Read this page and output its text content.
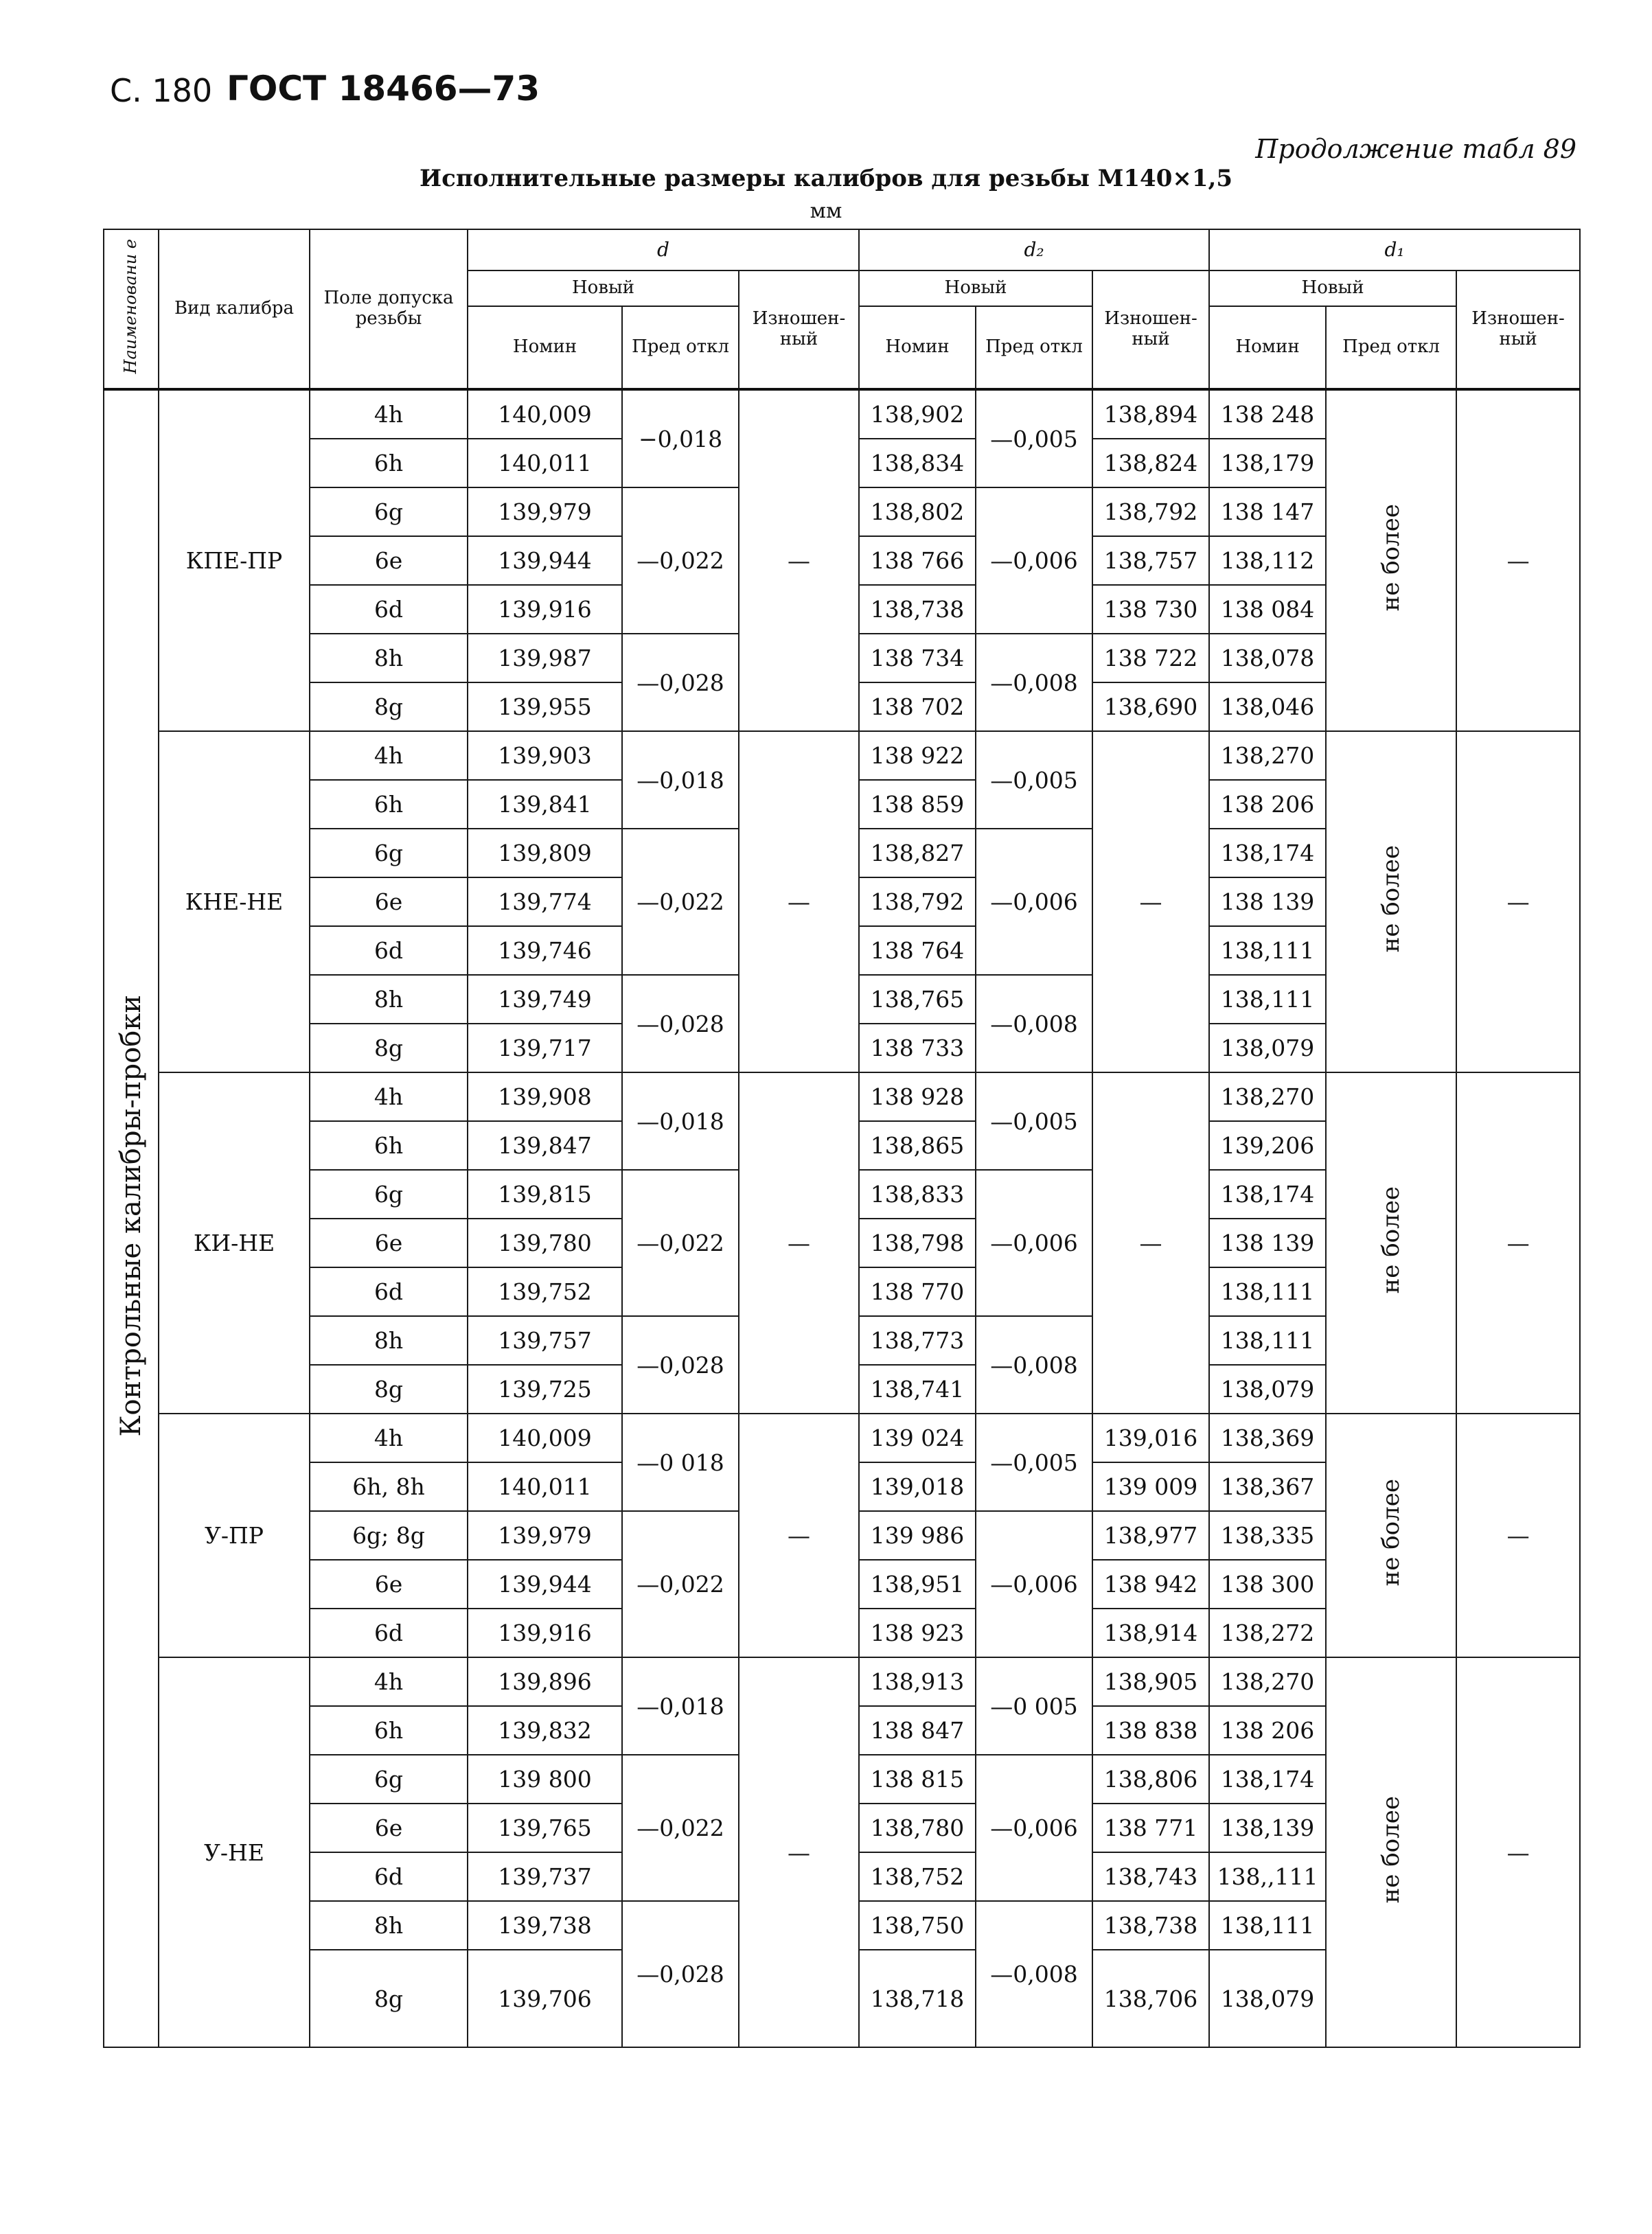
С. 180 ГОСТ 18466—73
Продолжение табл 89
Исполнительные размеры калибров для резьбы M140×1,5
мм
Наименовани е	Вид калибра	Поле допуска резьбы	d			d₂			d₁		
			Новый		Изношен-ный	Новый		Изношен-ный	Новый		Изношен-ный
			Номин	Пред откл		Номин	Пред откл		Номин	Пред откл	
Контрольные калибры-пробки	КПЕ-ПР	4h	140,009	−0,018	—	138,902	—0,005	138,894	138 248	не более	—
		6h	140,011			138,834		138,824	138,179		
		6g	139,979	—0,022		138,802	—0,006	138,792	138 147		
		6e	139,944			138 766		138,757	138,112		
		6d	139,916			138,738		138 730	138 084		
		8h	139,987	—0,028		138 734	—0,008	138 722	138,078		
		8g	139,955			138 702		138,690	138,046		
	КНЕ-НЕ	4h	139,903	—0,018	—	138 922	—0,005	—	138,270	не более	—
		6h	139,841			138 859			138 206		
		6g	139,809	—0,022		138,827	—0,006		138,174		
		6e	139,774			138,792			138 139		
		6d	139,746			138 764			138,111		
		8h	139,749	—0,028		138,765	—0,008		138,111		
		8g	139,717			138 733			138,079		
	КИ-НЕ	4h	139,908	—0,018	—	138 928	—0,005	—	138,270	не более	—
		6h	139,847			138,865			139,206		
		6g	139,815	—0,022		138,833	—0,006		138,174		
		6e	139,780			138,798			138 139		
		6d	139,752			138 770			138,111		
		8h	139,757	—0,028		138,773	—0,008		138,111		
		8g	139,725			138,741			138,079		
	У-ПР	4h	140,009	—0 018	—	139 024	—0,005	139,016	138,369	не более	—
		6h, 8h	140,011			139,018		139 009	138,367		
		6g; 8g	139,979	—0,022		139 986	—0,006	138,977	138,335		
		6e	139,944			138,951		138 942	138 300		
		6d	139,916			138 923		138,914	138,272		
	У-НЕ	4h	139,896	—0,018	—	138,913	—0 005	138,905	138,270	не более	—
		6h	139,832			138 847		138 838	138 206		
		6g	139 800	—0,022		138 815	—0,006	138,806	138,174		
		6e	139,765			138,780		138 771	138,139		
		6d	139,737			138,752		138,743	138,,111		
		8h	139,738	—0,028		138,750	—0,008	138,738	138,111		
		8g	139,706			138,718		138,706	138,079		
